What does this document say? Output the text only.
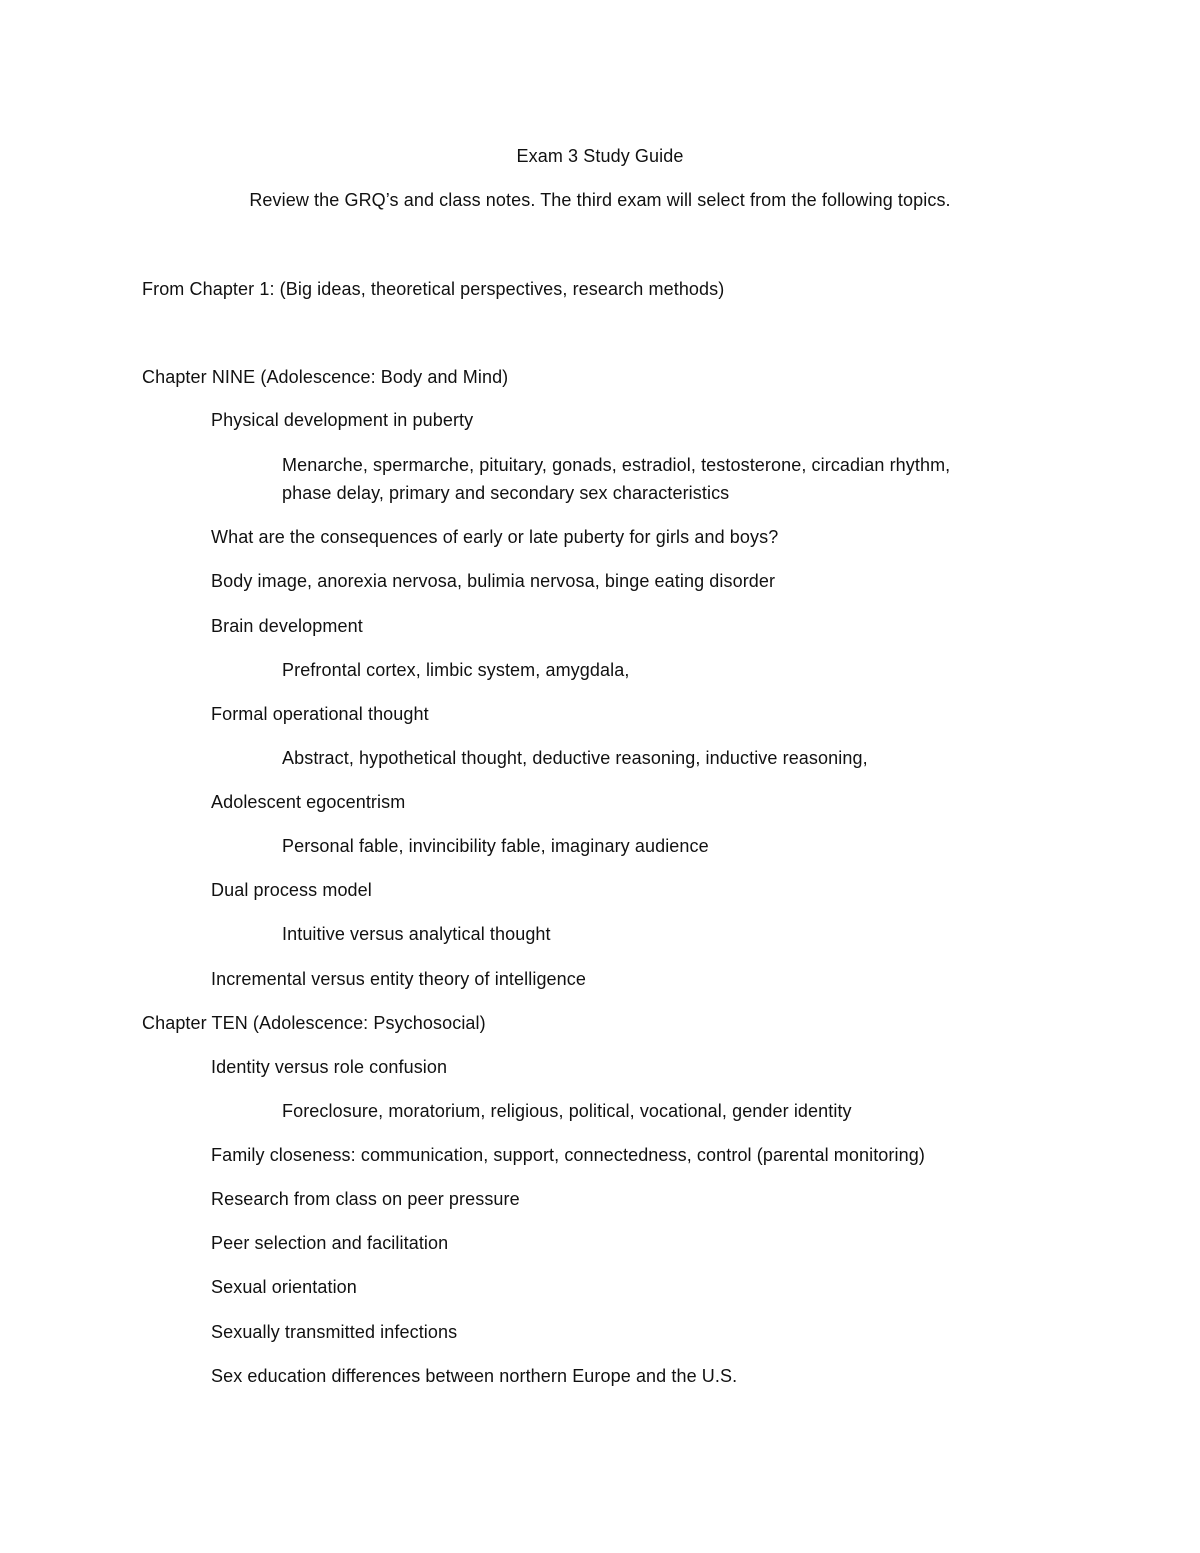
Exam 3 Study Guide
Review the GRQ’s and class notes. The third exam will select from the following topics.
From Chapter 1: (Big ideas, theoretical perspectives, research methods)
Chapter NINE (Adolescence: Body and Mind)
Physical development in puberty
Menarche, spermarche, pituitary, gonads, estradiol, testosterone, circadian rhythm,
phase delay, primary and secondary sex characteristics
What are the consequences of early or late puberty for girls and boys?
Body image, anorexia nervosa, bulimia nervosa, binge eating disorder
Brain development
Prefrontal cortex, limbic system, amygdala,
Formal operational thought
Abstract, hypothetical thought, deductive reasoning, inductive reasoning,
Adolescent egocentrism
Personal fable, invincibility fable, imaginary audience
Dual process model
Intuitive versus analytical thought
Incremental versus entity theory of intelligence
Chapter TEN (Adolescence: Psychosocial)
Identity versus role confusion
Foreclosure, moratorium, religious, political, vocational, gender identity
Family closeness: communication, support, connectedness, control (parental monitoring)
Research from class on peer pressure
Peer selection and facilitation
Sexual orientation
Sexually transmitted infections
Sex education differences between northern Europe and the U.S.
